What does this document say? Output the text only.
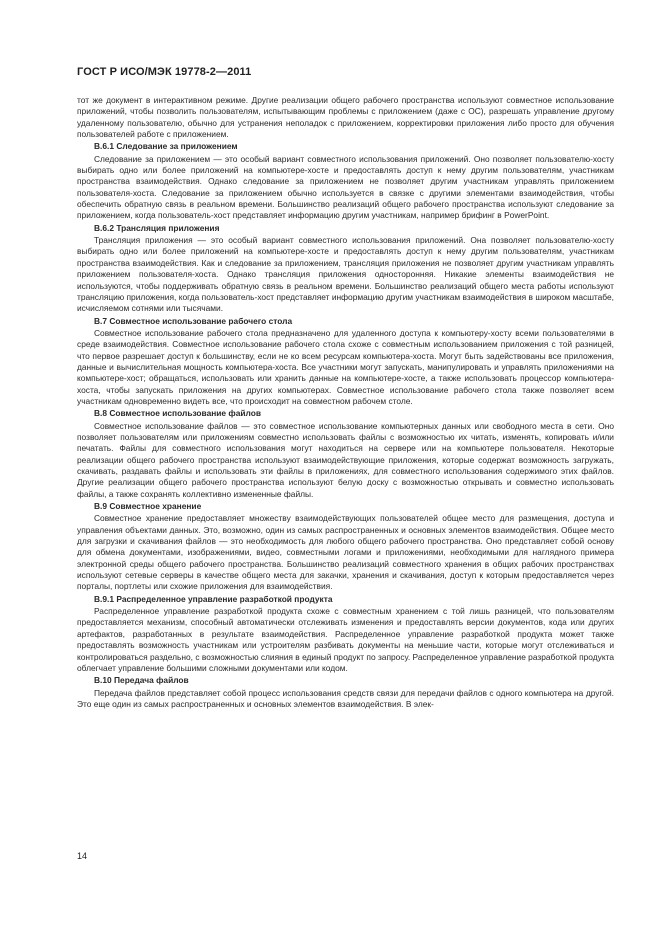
ГОСТ Р ИСО/МЭК 19778-2—2011

тот же документ в интерактивном режиме. Другие реализации общего рабочего пространства используют совместное использование приложений, чтобы позволить пользователям, испытывающим проблемы с приложением (даже с ОС), разрешать управление другому удаленному пользователю, обычно для устранения неполадок с приложением, корректировки приложения либо просто для обучения пользователей работе с приложением.

В.6.1 Следование за приложением

Следование за приложением — это особый вариант совместного использования приложений. Оно позволяет пользователю-хосту выбирать одно или более приложений на компьютере-хосте и предоставлять доступ к нему другим пользователям, участникам пространства взаимодействия. Однако следование за приложением не позволяет другим участникам управлять приложением пользователя-хоста. Следование за приложением обычно используется в связке с другими элементами взаимодействия, чтобы обеспечить обратную связь в реальном времени. Большинство реализаций общего рабочего пространства используют следование за приложением, когда пользователь-хост представляет информацию другим участникам, например брифинг в PowerPoint.

В.6.2 Трансляция приложения

Трансляция приложения — это особый вариант совместного использования приложений. Она позволяет пользователю-хосту выбирать одно или более приложений на компьютере-хосте и предоставлять доступ к нему другим пользователям, участникам пространства взаимодействия. Как и следование за приложением, трансляция приложения не позволяет другим участникам управлять приложением пользователя-хоста. Однако трансляция приложения односторонняя. Никакие элементы взаимодействия не используются, чтобы поддерживать обратную связь в реальном времени. Большинство реализаций общего места работы используют трансляцию приложения, когда пользователь-хост представляет информацию другим участникам взаимодействия в широком масштабе, исчисляемом сотнями или тысячами.

В.7 Совместное использование рабочего стола

Совместное использование рабочего стола предназначено для удаленного доступа к компьютеру-хосту всеми пользователями в среде взаимодействия. Совместное использование рабочего стола схоже с совместным использованием приложения с той разницей, что первое разрешает доступ к большинству, если не ко всем ресурсам компьютера-хоста. Могут быть задействованы все приложения, данные и вычислительная мощность компьютера-хоста. Все участники могут запускать, манипулировать и управлять приложениями на компьютере-хост; обращаться, использовать или хранить данные на компьютере-хосте, а также использовать процессор компьютера-хоста, чтобы запускать приложения на других компьютерах. Совместное использование рабочего стола также позволяет всем участникам одновременно видеть все, что происходит на совместном рабочем столе.

В.8 Совместное использование файлов

Совместное использование файлов — это совместное использование компьютерных данных или свободного места в сети. Оно позволяет пользователям или приложениям совместно использовать файлы с возможностью их читать, изменять, копировать и/или печатать. Файлы для совместного использования могут находиться на сервере или на компьютере пользователя. Некоторые реализации общего рабочего пространства используют взаимодействующие приложения, которые содержат возможность загружать, скачивать, раздавать файлы и использовать эти файлы в приложениях, для совместного использования содержимого этих файлов. Другие реализации общего рабочего пространства используют белую доску с возможностью открывать и совместно использовать файлы, а также сохранять коллективно измененные файлы.

В.9 Совместное хранение

Совместное хранение предоставляет множеству взаимодействующих пользователей общее место для размещения, доступа и управления объектами данных. Это, возможно, один из самых распространенных и основных элементов взаимодействия. Общее место для загрузки и скачивания файлов — это необходимость для любого общего рабочего пространства. Оно представляет собой основу для обмена документами, изображениями, видео, совместными логами и приложениями, необходимыми для наглядного примера электронной среды общего рабочего пространства. Большинство реализаций совместного хранения в общих рабочих пространствах используют сетевые серверы в качестве общего места для закачки, хранения и скачивания, доступ к которым предоставляется через порталы, портлеты или схожие приложения для взаимодействия.

В.9.1 Распределенное управление разработкой продукта

Распределенное управление разработкой продукта схоже с совместным хранением с той лишь разницей, что пользователям предоставляется механизм, способный автоматически отслеживать изменения и предоставлять версии документов, кода или других артефактов, разработанных в результате взаимодействия. Распределенное управление разработкой продукта может также предоставлять возможность участникам или устроителям разбивать документы на меньшие части, которые могут отслеживаться и контролироваться раздельно, с возможностью слияния в единый продукт по запросу. Распределенное управление разработкой продукта облегчает управление большими сложными документами или кодом.

В.10 Передача файлов

Передача файлов представляет собой процесс использования средств связи для передачи файлов с одного компьютера на другой. Это еще один из самых распространенных и основных элементов взаимодействия. В элек-

14
